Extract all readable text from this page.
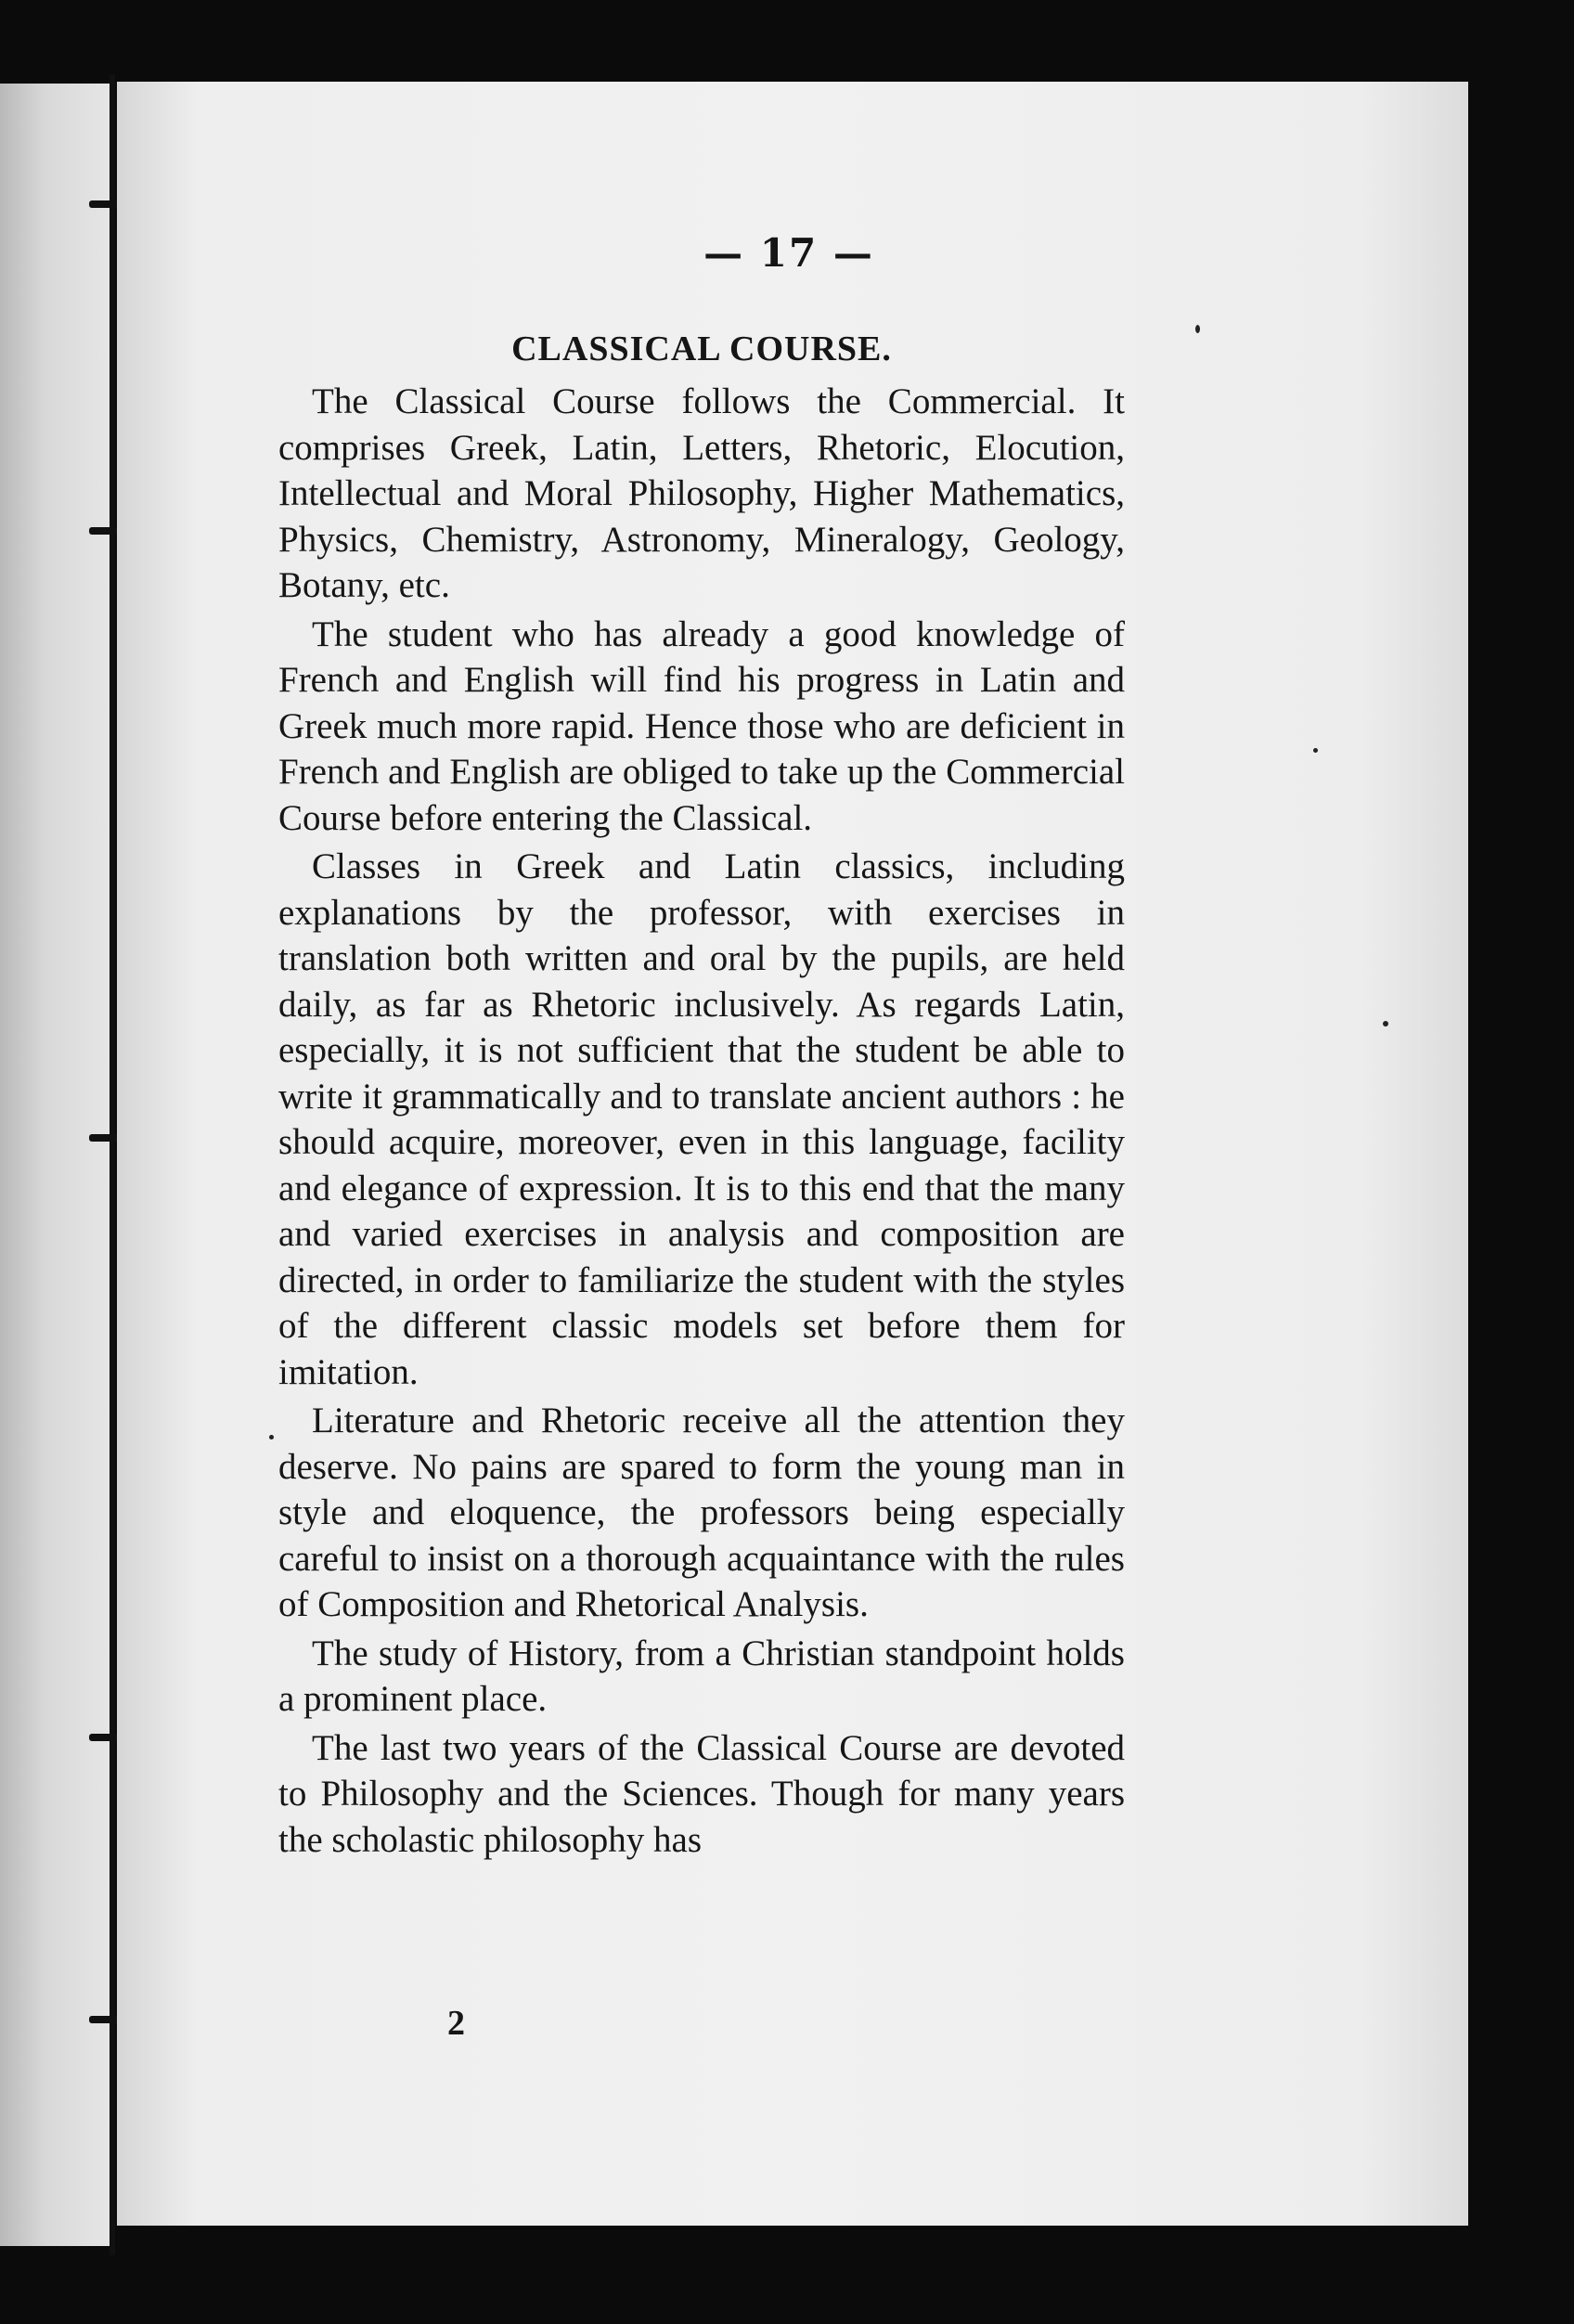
— 17 —
CLASSICAL COURSE.

The Classical Course follows the Commercial. It comprises Greek, Latin, Letters, Rhetoric, Elocution, Intellectual and Moral Philosophy, Higher Mathematics, Physics, Chemistry, Astronomy, Mineralogy, Geology, Botany, etc.

The student who has already a good knowledge of French and English will find his progress in Latin and Greek much more rapid. Hence those who are deficient in French and English are obliged to take up the Commercial Course before entering the Classical.

Classes in Greek and Latin classics, including explanations by the professor, with exercises in translation both written and oral by the pupils, are held daily, as far as Rhetoric inclusively. As regards Latin, especially, it is not sufficient that the student be able to write it grammatically and to translate ancient authors : he should acquire, moreover, even in this language, facility and elegance of expression. It is to this end that the many and varied exercises in analysis and composition are directed, in order to familiarize the student with the styles of the different classic models set before them for imitation.

Literature and Rhetoric receive all the attention they deserve. No pains are spared to form the young man in style and eloquence, the professors being especially careful to insist on a thorough acquaintance with the rules of Composition and Rhetorical Analysis.

The study of History, from a Christian standpoint holds a prominent place.

The last two years of the Classical Course are devoted to Philosophy and the Sciences. Though for many years the scholastic philosophy has

2
